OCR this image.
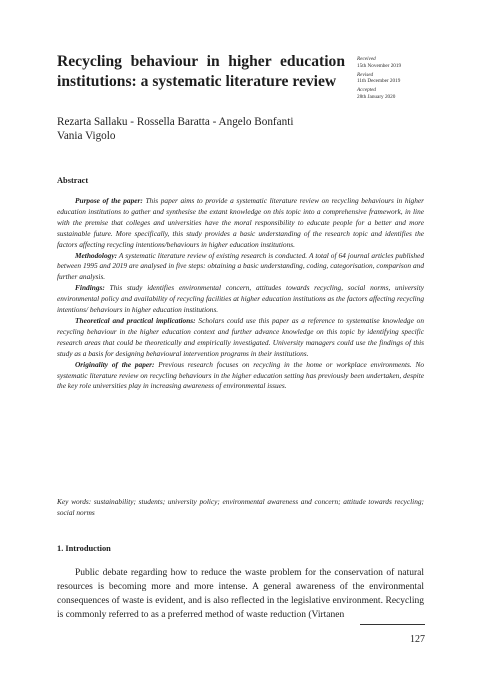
Recycling behaviour in higher education institutions: a systematic literature review
Received
15th November 2019
Revised
11th December 2019
Accepted
28th January 2020
Rezarta Sallaku - Rossella Baratta - Angelo Bonfanti
Vania Vigolo
Abstract

Purpose of the paper: This paper aims to provide a systematic literature review on recycling behaviours in higher education institutions to gather and synthesise the extant knowledge on this topic into a comprehensive framework, in line with the premise that colleges and universities have the moral responsibility to educate people for a better and more sustainable future. More specifically, this study provides a basic understanding of the research topic and identifies the factors affecting recycling intentions/behaviours in higher education institutions.

Methodology: A systematic literature review of existing research is conducted. A total of 64 journal articles published between 1995 and 2019 are analysed in five steps: obtaining a basic understanding, coding, categorisation, comparison and further analysis.

Findings: This study identifies environmental concern, attitudes towards recycling, social norms, university environmental policy and availability of recycling facilities at higher education institutions as the factors affecting recycling intentions/ behaviours in higher education institutions.

Theoretical and practical implications: Scholars could use this paper as a reference to systematise knowledge on recycling behaviour in the higher education context and further advance knowledge on this topic by identifying specific research areas that could be theoretically and empirically investigated. University managers could use the findings of this study as a basis for designing behavioural intervention programs in their institutions.

Originality of the paper: Previous research focuses on recycling in the home or workplace environments. No systematic literature review on recycling behaviours in the higher education setting has previously been undertaken, despite the key role universities play in increasing awareness of environmental issues.

Key words: sustainability; students; university policy; environmental awareness and concern; attitude towards recycling; social norms

1. Introduction

Public debate regarding how to reduce the waste problem for the conservation of natural resources is becoming more and more intense. A general awareness of the environmental consequences of waste is evident, and is also reflected in the legislative environment. Recycling is commonly referred to as a preferred method of waste reduction (Virtanen

127
